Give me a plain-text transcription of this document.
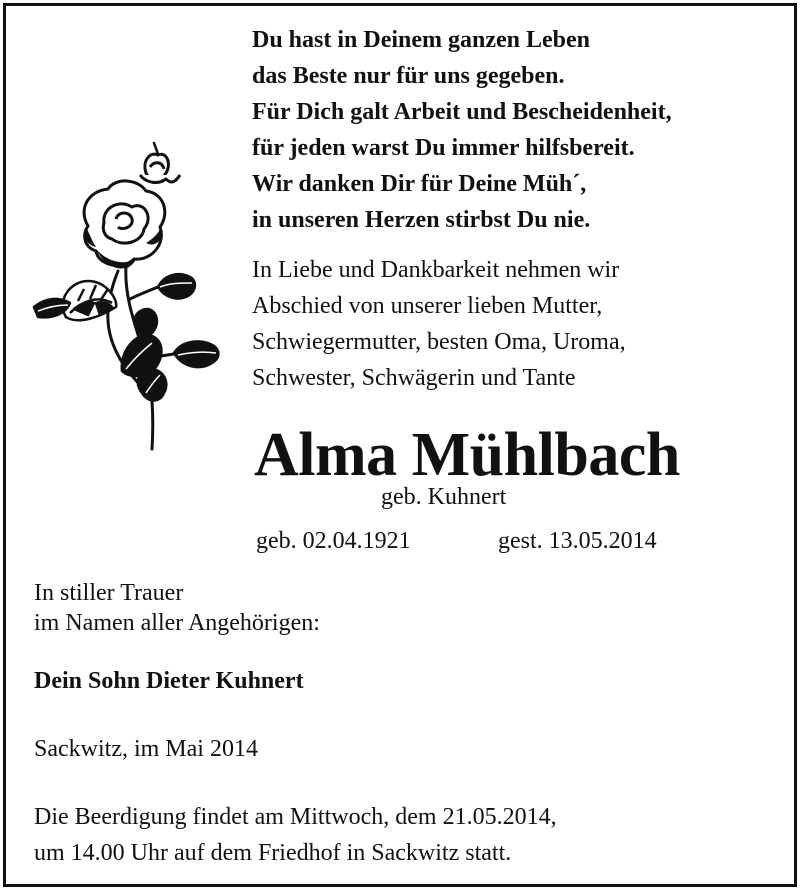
Du hast in Deinem ganzen Leben
das Beste nur für uns gegeben.
Für Dich galt Arbeit und Bescheidenheit,
für jeden warst Du immer hilfsbereit.
Wir danken Dir für Deine Müh´,
in unseren Herzen stirbst Du nie.
In Liebe und Dankbarkeit nehmen wir
Abschied von unserer lieben Mutter,
Schwiegermutter, besten Oma, Uroma,
Schwester, Schwägerin und Tante
Alma Mühlbach
geb. Kuhnert
geb. 02.04.1921	gest. 13.05.2014
In stiller Trauer
im Namen aller Angehörigen:
Dein Sohn Dieter Kuhnert
Sackwitz, im Mai 2014
Die Beerdigung findet am Mittwoch, dem 21.05.2014,
um 14.00 Uhr auf dem Friedhof in Sackwitz statt.
